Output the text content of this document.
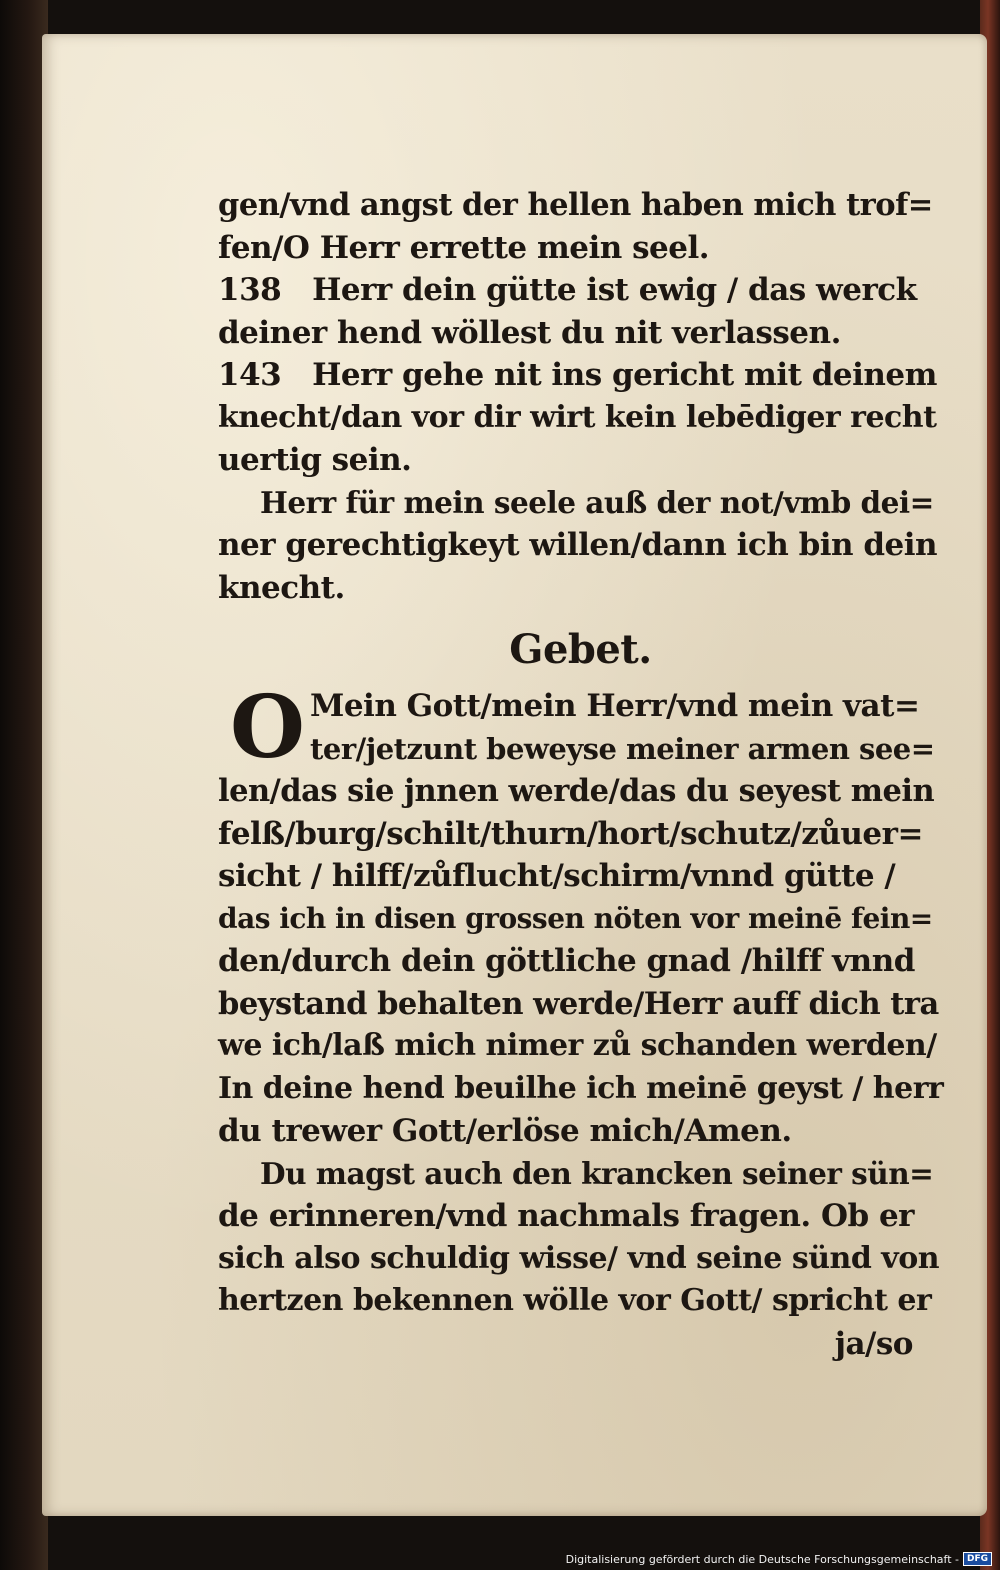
gen/vnd angst der hellen haben mich trof=
fen/O Herr errette mein seel.
138   Herr dein gütte ist ewig / das werck
deiner hend wöllest du nit verlassen.
143   Herr gehe nit ins gericht mit deinem
knecht/dan vor dir wirt kein lebēdiger recht
uertig sein.
Herr für mein seele auß der not/vmb dei=
ner gerechtigkeyt willen/dann ich bin dein
knecht.
Gebet.
O Mein Gott/mein Herr/vnd mein vat=
ter/jetzunt beweyse meiner armen see=
len/das sie jnnen werde/das du seyest mein
felß/burg/schilt/thurn/hort/schutz/zůuer=
sicht / hilff/zůflucht/schirm/vnnd gütte /
das ich in disen grossen nöten vor meinē fein=
den/durch dein göttliche gnad /hilff vnnd
beystand behalten werde/Herr auff dich tra
we ich/laß mich nimer zů schanden werden/
In deine hend beuilhe ich meinē geyst / herr
du trewer Gott/erlöse mich/Amen.
Du magst auch den krancken seiner sün=
de erinneren/vnd nachmals fragen. Ob er
sich also schuldig wisse/ vnd seine sünd von
hertzen bekennen wölle vor Gott/ spricht er
ja/so
Digitalisierung gefördert durch die Deutsche Forschungsgemeinschaft - DFG
